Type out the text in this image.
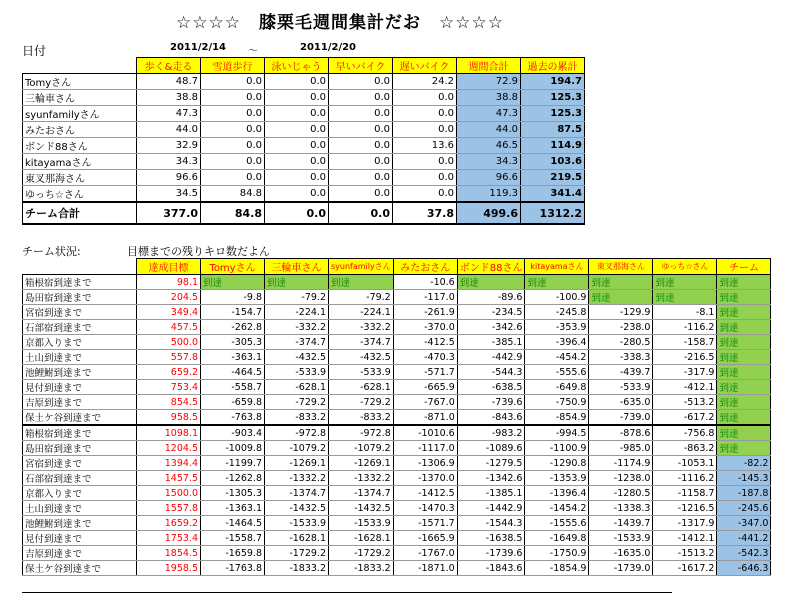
☆☆☆☆　膝栗毛週間集計だお　☆☆☆☆
日付	2011/2/14 ～	2011/2/20
	歩く&走る	雪道歩行	泳いじゃう	早いバイク	遅いバイク	週間合計	過去の累計
Tomyさん	48.7	0.0	0.0	0.0	24.2	72.9	194.7
三輪車さん	38.8	0.0	0.0	0.0	0.0	38.8	125.3
syunfamilyさん	47.3	0.0	0.0	0.0	0.0	47.3	125.3
みたおさん	44.0	0.0	0.0	0.0	0.0	44.0	87.5
ボンド88さん	32.9	0.0	0.0	0.0	13.6	46.5	114.9
kitayamaさん	34.3	0.0	0.0	0.0	0.0	34.3	103.6
東叉那海さん	96.6	0.0	0.0	0.0	0.0	96.6	219.5
ゆっち☆さん	34.5	84.8	0.0	0.0	0.0	119.3	341.4
チーム合計	377.0	84.8	0.0	0.0	37.8	499.6	1312.2
チーム状況:	目標までの残りキロ数だよん
	達成目標	Tomyさん	三輪車さん	syunfamilyさん	みたおさん	ボンド88さん	kitayamaさん	東叉那海さん	ゆっち☆さん	チーム
箱根宿到達まで	98.1	到達	到達	到達	-10.6	到達	到達	到達	到達	到達
島田宿到達まで	204.5	-9.8	-79.2	-79.2	-117.0	-89.6	-100.9	到達	到達	到達
宮宿到達まで	349.4	-154.7	-224.1	-224.1	-261.9	-234.5	-245.8	-129.9	-8.1	到達
石部宿到達まで	457.5	-262.8	-332.2	-332.2	-370.0	-342.6	-353.9	-238.0	-116.2	到達
京都入りまで	500.0	-305.3	-374.7	-374.7	-412.5	-385.1	-396.4	-280.5	-158.7	到達
土山到達まで	557.8	-363.1	-432.5	-432.5	-470.3	-442.9	-454.2	-338.3	-216.5	到達
池鯉鮒到達まで	659.2	-464.5	-533.9	-533.9	-571.7	-544.3	-555.6	-439.7	-317.9	到達
見付到達まで	753.4	-558.7	-628.1	-628.1	-665.9	-638.5	-649.8	-533.9	-412.1	到達
吉原到達まで	854.5	-659.8	-729.2	-729.2	-767.0	-739.6	-750.9	-635.0	-513.2	到達
保土ケ谷到達まで	958.5	-763.8	-833.2	-833.2	-871.0	-843.6	-854.9	-739.0	-617.2	到達
箱根宿到達まで	1098.1	-903.4	-972.8	-972.8	-1010.6	-983.2	-994.5	-878.6	-756.8	到達
島田宿到達まで	1204.5	-1009.8	-1079.2	-1079.2	-1117.0	-1089.6	-1100.9	-985.0	-863.2	到達
宮宿到達まで	1394.4	-1199.7	-1269.1	-1269.1	-1306.9	-1279.5	-1290.8	-1174.9	-1053.1	-82.2
石部宿到達まで	1457.5	-1262.8	-1332.2	-1332.2	-1370.0	-1342.6	-1353.9	-1238.0	-1116.2	-145.3
京都入りまで	1500.0	-1305.3	-1374.7	-1374.7	-1412.5	-1385.1	-1396.4	-1280.5	-1158.7	-187.8
土山到達まで	1557.8	-1363.1	-1432.5	-1432.5	-1470.3	-1442.9	-1454.2	-1338.3	-1216.5	-245.6
池鯉鮒到達まで	1659.2	-1464.5	-1533.9	-1533.9	-1571.7	-1544.3	-1555.6	-1439.7	-1317.9	-347.0
見付到達まで	1753.4	-1558.7	-1628.1	-1628.1	-1665.9	-1638.5	-1649.8	-1533.9	-1412.1	-441.2
吉原到達まで	1854.5	-1659.8	-1729.2	-1729.2	-1767.0	-1739.6	-1750.9	-1635.0	-1513.2	-542.3
保土ケ谷到達まで	1958.5	-1763.8	-1833.2	-1833.2	-1871.0	-1843.6	-1854.9	-1739.0	-1617.2	-646.3
